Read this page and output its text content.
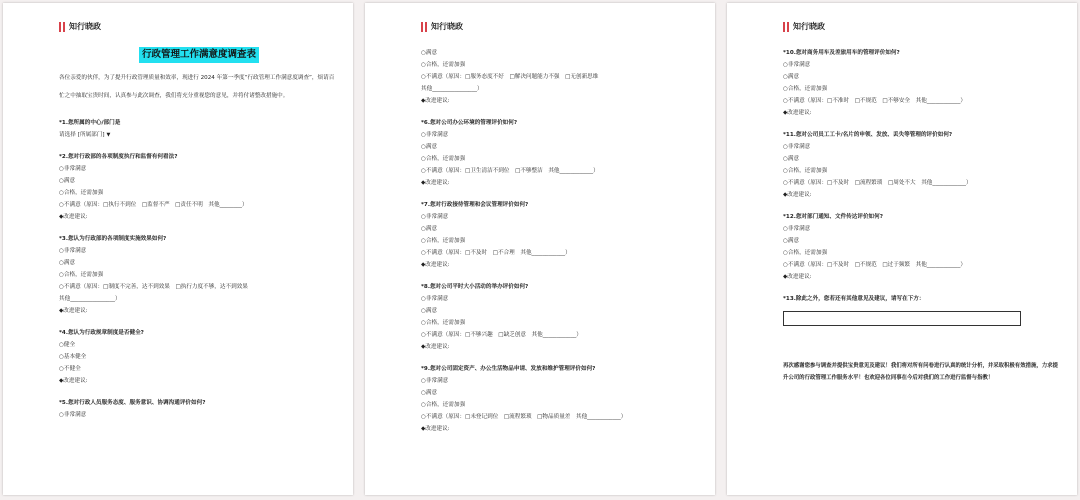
知行晓政
行政管理工作满意度调查表
各位亲爱的伙伴，为了提升行政管理质量和效率，现进行 2024 年第一季度“行政管理工作满意度调查”，烦请百忙之中抽取宝贵时间，认真参与此次调查，我们将充分重视您的意见，并将付诸整改措施中。
*1.您所属的中心/部门是
请选择 [所属部门] ▼
*2.您对行政部的各项制度执行和监督有何看法?
○非常满意
○满意
○合格，还需加强
○不满意（原因：□执行不到位　□监督不严　□责任不明　其他________）
◆改进建议:
*3.您认为行政部的各项制度实施效果如何?
○非常满意
○满意
○合格，还需加强
○不满意（原因：□制度不完善，达不到效果　□执行力度不够，达不到效果
其他________________）
◆改进建议:
*4.您认为行政规章制度是否健全?
○健全
○基本健全
○不健全
◆改进建议:
*5.您对行政人员服务态度、服务意识、协调沟通评价如何?
○非常满意
知行晓政
○满意
○合格，还需加强
○不满意（原因：□服务态度不好　□解决问题能力不强　□无创新思维
其他________________）
◆改进建议:
*6.您对公司办公环境的管理评价如何?
○非常满意
○满意
○合格，还需加强
○不满意（原因：□卫生清洁不到位　□不够整洁　其他____________）
◆改进建议:
*7.您对行政接待管理和会议管理评价如何?
○非常满意
○满意
○合格，还需加强
○不满意（原因：□不及时　□不合理　其他____________）
◆改进建议:
*8.您对公司平时大小活动的举办评价如何?
○非常满意
○满意
○合格，还需加强
○不满意（原因：□不够兴趣　□缺乏创意　其他____________）
◆改进建议:
*9.您对公司固定资产、办公生活物品申请、发放和维护管理评价如何?
○非常满意
○满意
○合格，还需加强
○不满意（原因：□未登记到位　□流程繁琐　□物品质量差　其他____________）
◆改进建议:
知行晓政
*10.您对商务用车及差旅用车的管理评价如何?
○非常满意
○满意
○合格，还需加强
○不满意（原因：□不准时　□不规范　□不够安全　其他____________）
◆改进建议:
*11.您对公司员工工卡/名片的申领、发放、丢失等管理的评价如何?
○非常满意
○满意
○合格，还需加强
○不满意（原因：□不及时　□流程繁琐　□周处不大　其他____________）
◆改进建议:
*12.您对部门通知、文件传达评价如何?
○非常满意
○满意
○合格，还需加强
○不满意（原因：□不及时　□不规范　□过于频繁　其他____________）
◆改进建议:
*13.除此之外，您若还有其他意见及建议，请写在下方：
再次感谢您参与调查并提供宝贵意见及建议！我们将对所有问卷进行认真的统计分析，并采取积极有效措施，力求提升公司的行政管理工作服务水平！也欢迎各位同事在今后对我们的工作进行监督与指教！
